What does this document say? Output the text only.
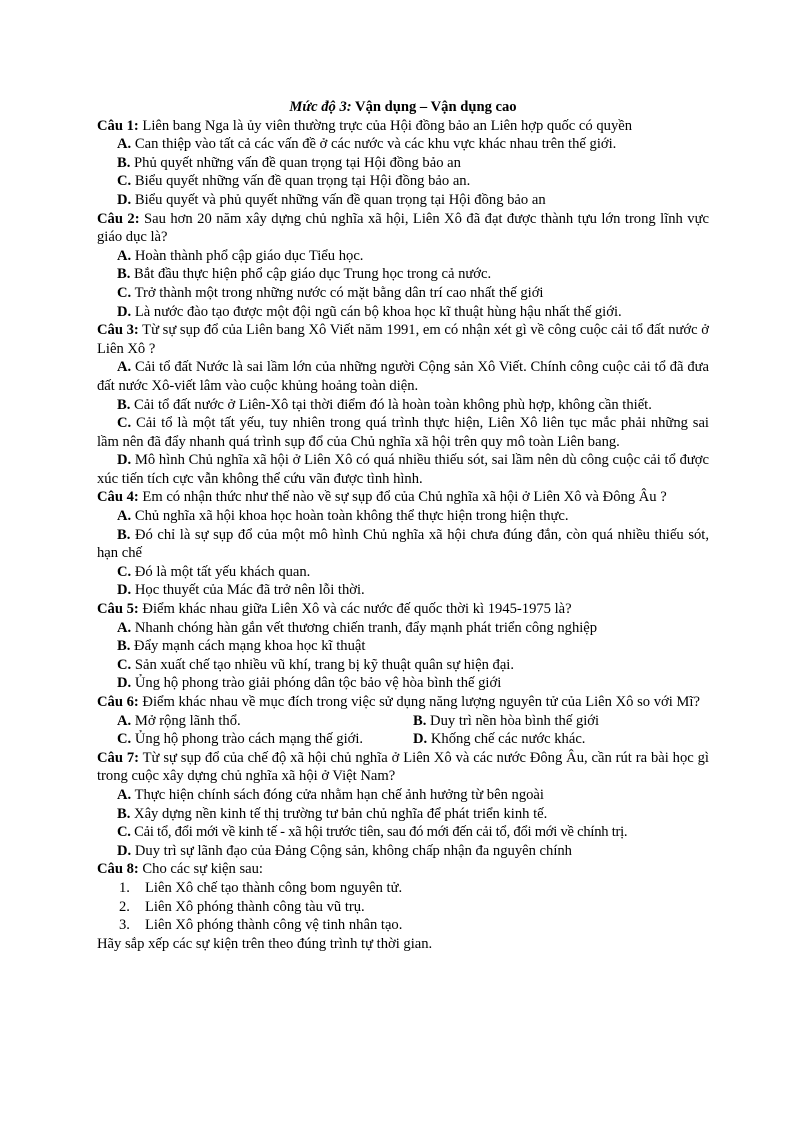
Mức độ 3: Vận dụng – Vận dụng cao
Câu 1: Liên bang Nga là ủy viên thường trực của Hội đồng bảo an Liên hợp quốc có quyền
A. Can thiệp vào tất cả các vấn đề ở các nước và các khu vực khác nhau trên thế giới.
B. Phủ quyết những vấn đề quan trọng tại Hội đồng bảo an
C. Biểu quyết những vấn đề quan trọng tại Hội đồng bảo an.
D. Biểu quyết và phủ quyết những vấn đề quan trọng tại Hội đồng bảo an
Câu 2: Sau hơn 20 năm xây dựng chủ nghĩa xã hội, Liên Xô đã đạt được thành tựu lớn trong lĩnh vực giáo dục là?
A. Hoàn thành phổ cập giáo dục Tiểu học.
B. Bắt đầu thực hiện phổ cập giáo dục Trung học trong cả nước.
C. Trở thành một trong những nước có mặt bằng dân trí cao nhất thế giới
D. Là nước đào tạo được một đội ngũ cán bộ khoa học kĩ thuật hùng hậu nhất thế giới.
Câu 3: Từ sự sụp đổ của Liên bang Xô Viết năm 1991, em có nhận xét gì về công cuộc cải tổ đất nước ở Liên Xô ?
A. Cải tổ đất Nước là sai lầm lớn của những người Cộng sản Xô Viết. Chính công cuộc cải tổ đã đưa đất nước Xô-viết lâm vào cuộc khủng hoảng toàn diện.
B. Cải tổ đất nước ở Liên-Xô tại thời điểm đó là hoàn toàn không phù hợp, không cần thiết.
C. Cải tổ là một tất yếu, tuy nhiên trong quá trình thực hiện, Liên Xô liên tục mắc phải những sai lầm nên đã đẩy nhanh quá trình sụp đổ của Chủ nghĩa xã hội trên quy mô toàn Liên bang.
D. Mô hình Chủ nghĩa xã hội ở Liên Xô có quá nhiều thiếu sót, sai lầm nên dù công cuộc cải tổ được xúc tiến tích cực vẫn không thể cứu vãn được tình hình.
Câu 4: Em có nhận thức như thế nào về sự sụp đổ của Chủ nghĩa xã hội ở Liên Xô và Đông Âu ?
A. Chủ nghĩa xã hội khoa học hoàn toàn không thể thực hiện trong hiện thực.
B. Đó chỉ là sự sụp đổ của một mô hình Chủ nghĩa xã hội chưa đúng đắn, còn quá nhiều thiếu sót, hạn chế
C. Đó là một tất yếu khách quan.
D. Học thuyết của Mác đã trở nên lỗi thời.
Câu 5: Điểm khác nhau giữa Liên Xô và các nước đế quốc thời kì 1945-1975 là?
A. Nhanh chóng hàn gắn vết thương chiến tranh, đẩy mạnh phát triển công nghiệp
B. Đẩy mạnh cách mạng khoa học kĩ thuật
C. Sản xuất chế tạo nhiều vũ khí, trang bị kỹ thuật quân sự hiện đại.
D. Ủng hộ phong trào giải phóng dân tộc bảo vệ hòa bình thế giới
Câu 6: Điểm khác nhau về mục đích trong việc sử dụng năng lượng nguyên tử của Liên Xô so với Mĩ?
A. Mở rộng lãnh thổ.	B. Duy trì nền hòa bình thế giới
C. Ủng hộ phong trào cách mạng thế giới.	D. Khống chế các nước khác.
Câu 7: Từ sự sụp đổ của chế độ xã hội chủ nghĩa ở Liên Xô và các nước Đông Âu, cần rút ra bài học gì trong cuộc xây dựng chủ nghĩa xã hội ở Việt Nam?
A. Thực hiện chính sách đóng cửa nhằm hạn chế ảnh hưởng từ bên ngoài
B. Xây dựng nền kinh tế thị trường tư bản chủ nghĩa để phát triển kinh tế.
C. Cải tổ, đổi mới về kinh tế - xã hội trước tiên, sau đó mới đến cải tổ, đổi mới về chính trị.
D. Duy trì sự lãnh đạo của Đảng Cộng sản, không chấp nhận đa nguyên chính
Câu 8: Cho các sự kiện sau:
1. Liên Xô chế tạo thành công bom nguyên tử.
2. Liên Xô phóng thành công tàu vũ trụ.
3. Liên Xô phóng thành công vệ tinh nhân tạo.
Hãy sắp xếp các sự kiện trên theo đúng trình tự thời gian.
